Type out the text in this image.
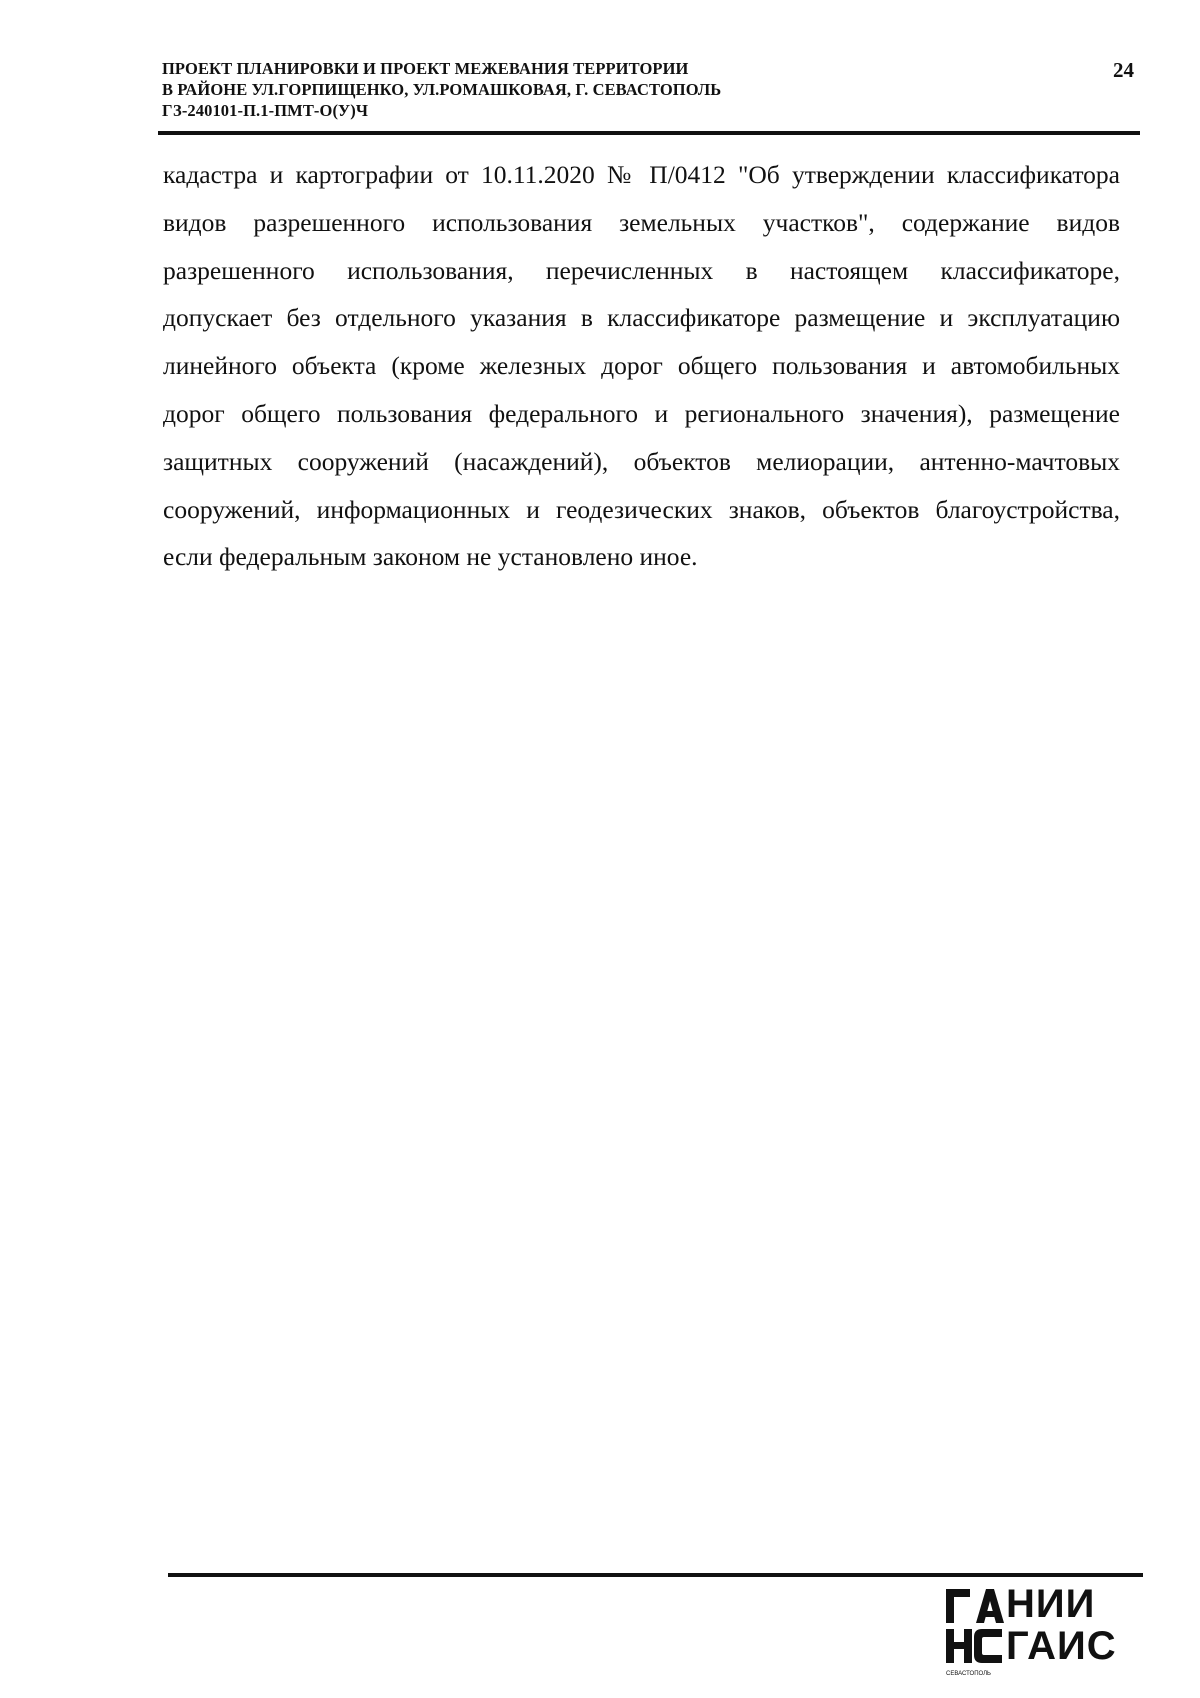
ПРОЕКТ ПЛАНИРОВКИ И ПРОЕКТ МЕЖЕВАНИЯ ТЕРРИТОРИИ
В РАЙОНЕ УЛ.ГОРПИЩЕНКО, УЛ.РОМАШКОВАЯ, Г. СЕВАСТОПОЛЬ
ГЗ-240101-П.1-ПМТ-О(У)Ч
24
кадастра и картографии от 10.11.2020 № П/0412 "Об утверждении классификатора
видов разрешенного использования земельных участков", содержание видов
разрешенного использования, перечисленных в настоящем классификаторе,
допускает без отдельного указания в классификаторе размещение и эксплуатацию
линейного объекта (кроме железных дорог общего пользования и автомобильных
дорог общего пользования федерального и регионального значения), размещение
защитных сооружений (насаждений), объектов мелиорации, антенно-мачтовых
сооружений, информационных и геодезических знаков, объектов благоустройства,
если федеральным законом не установлено иное.
СЕВАСТОПОЛЬ
НИИ
ГАИС
